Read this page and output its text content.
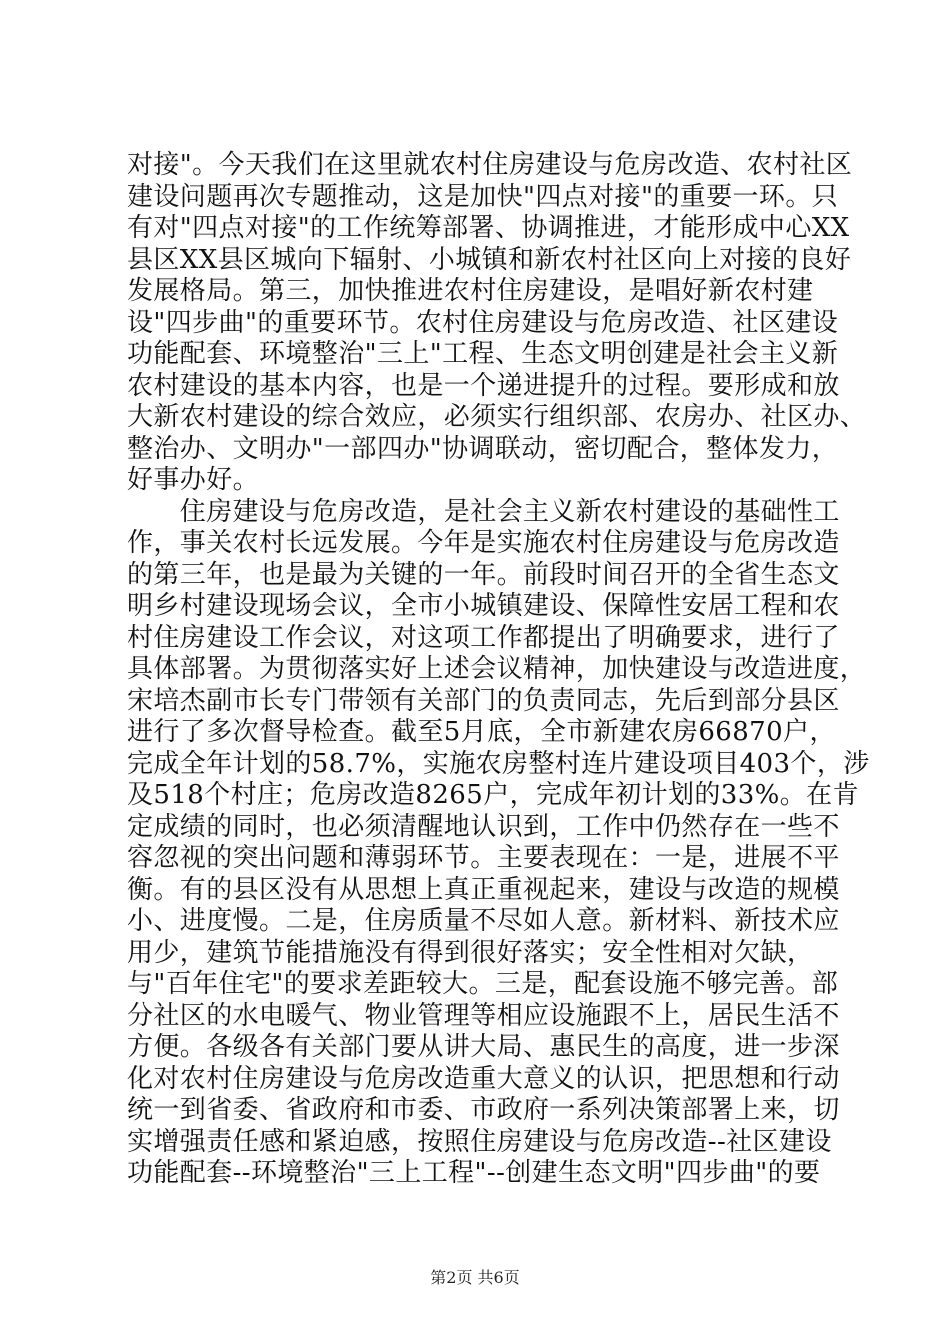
对接"。今天我们在这里就农村住房建设与危房改造、农村社区
建设问题再次专题推动，这是加快"四点对接"的重要一环。只
有对"四点对接"的工作统筹部署、协调推进，才能形成中心XX
县区XX县区城向下辐射、小城镇和新农村社区向上对接的良好
发展格局。第三，加快推进农村住房建设，是唱好新农村建
设"四步曲"的重要环节。农村住房建设与危房改造、社区建设
功能配套、环境整治"三上"工程、生态文明创建是社会主义新
农村建设的基本内容，也是一个递进提升的过程。要形成和放
大新农村建设的综合效应，必须实行组织部、农房办、社区办、
整治办、文明办"一部四办"协调联动，密切配合，整体发力，
好事办好。
　　住房建设与危房改造，是社会主义新农村建设的基础性工
作，事关农村长远发展。今年是实施农村住房建设与危房改造
的第三年，也是最为关键的一年。前段时间召开的全省生态文
明乡村建设现场会议，全市小城镇建设、保障性安居工程和农
村住房建设工作会议，对这项工作都提出了明确要求，进行了
具体部署。为贯彻落实好上述会议精神，加快建设与改造进度，
宋培杰副市长专门带领有关部门的负责同志，先后到部分县区
进行了多次督导检查。截至5月底，全市新建农房66870户，
完成全年计划的58.7%，实施农房整村连片建设项目403个，涉
及518个村庄；危房改造8265户，完成年初计划的33%。在肯
定成绩的同时，也必须清醒地认识到，工作中仍然存在一些不
容忽视的突出问题和薄弱环节。主要表现在：一是，进展不平
衡。有的县区没有从思想上真正重视起来，建设与改造的规模
小、进度慢。二是，住房质量不尽如人意。新材料、新技术应
用少，建筑节能措施没有得到很好落实；安全性相对欠缺，
与"百年住宅"的要求差距较大。三是，配套设施不够完善。部
分社区的水电暖气、物业管理等相应设施跟不上，居民生活不
方便。各级各有关部门要从讲大局、惠民生的高度，进一步深
化对农村住房建设与危房改造重大意义的认识，把思想和行动
统一到省委、省政府和市委、市政府一系列决策部署上来，切
实增强责任感和紧迫感，按照住房建设与危房改造--社区建设
功能配套--环境整治"三上工程"--创建生态文明"四步曲"的要
第2页 共6页
